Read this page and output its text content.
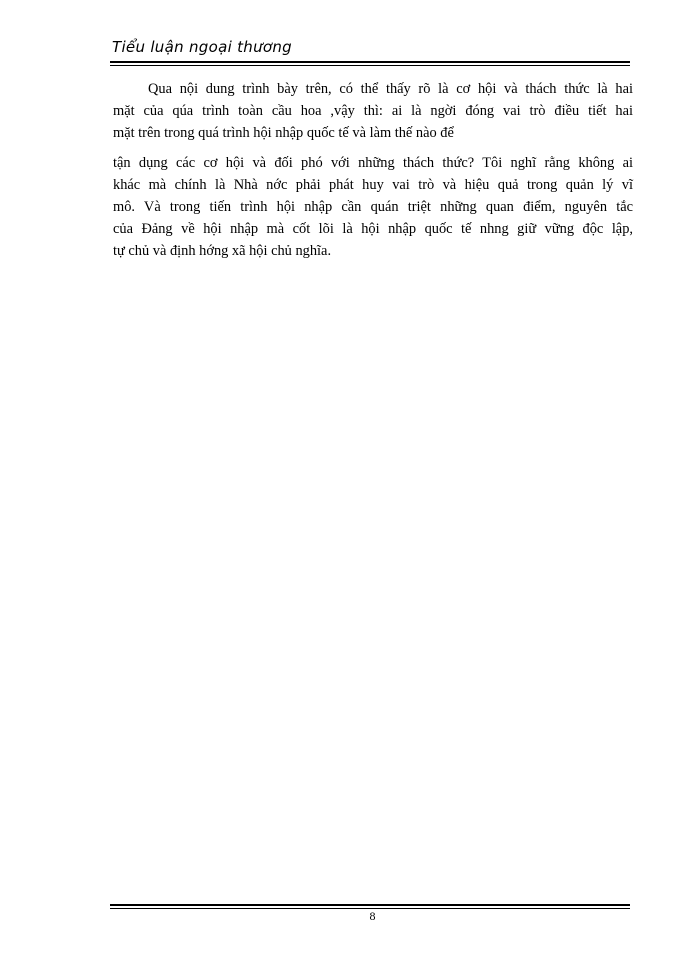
Tiểu luận ngoại thương
Qua nội dung trình bày trên, có thể thấy rõ là cơ hội và thách thức là hai
mặt của qúa trình toàn cầu hoa ,vậy thì: ai là ngời đóng vai trò điều tiết hai
mặt trên trong quá trình hội nhập quốc tế và làm thế nào để
tận dụng các cơ hội và đối phó với những thách thức? Tôi nghĩ rằng không ai
khác mà chính là Nhà nớc phải phát huy vai trò và hiệu quả trong quản lý vĩ
mô. Và trong tiến trình hội nhập cần quán triệt những quan điểm, nguyên tắc
của Đảng về hội nhập mà cốt lõi là hội nhập quốc tế nhng giữ vững độc lập,
tự chủ và định hớng xã hội chủ nghĩa.
8
